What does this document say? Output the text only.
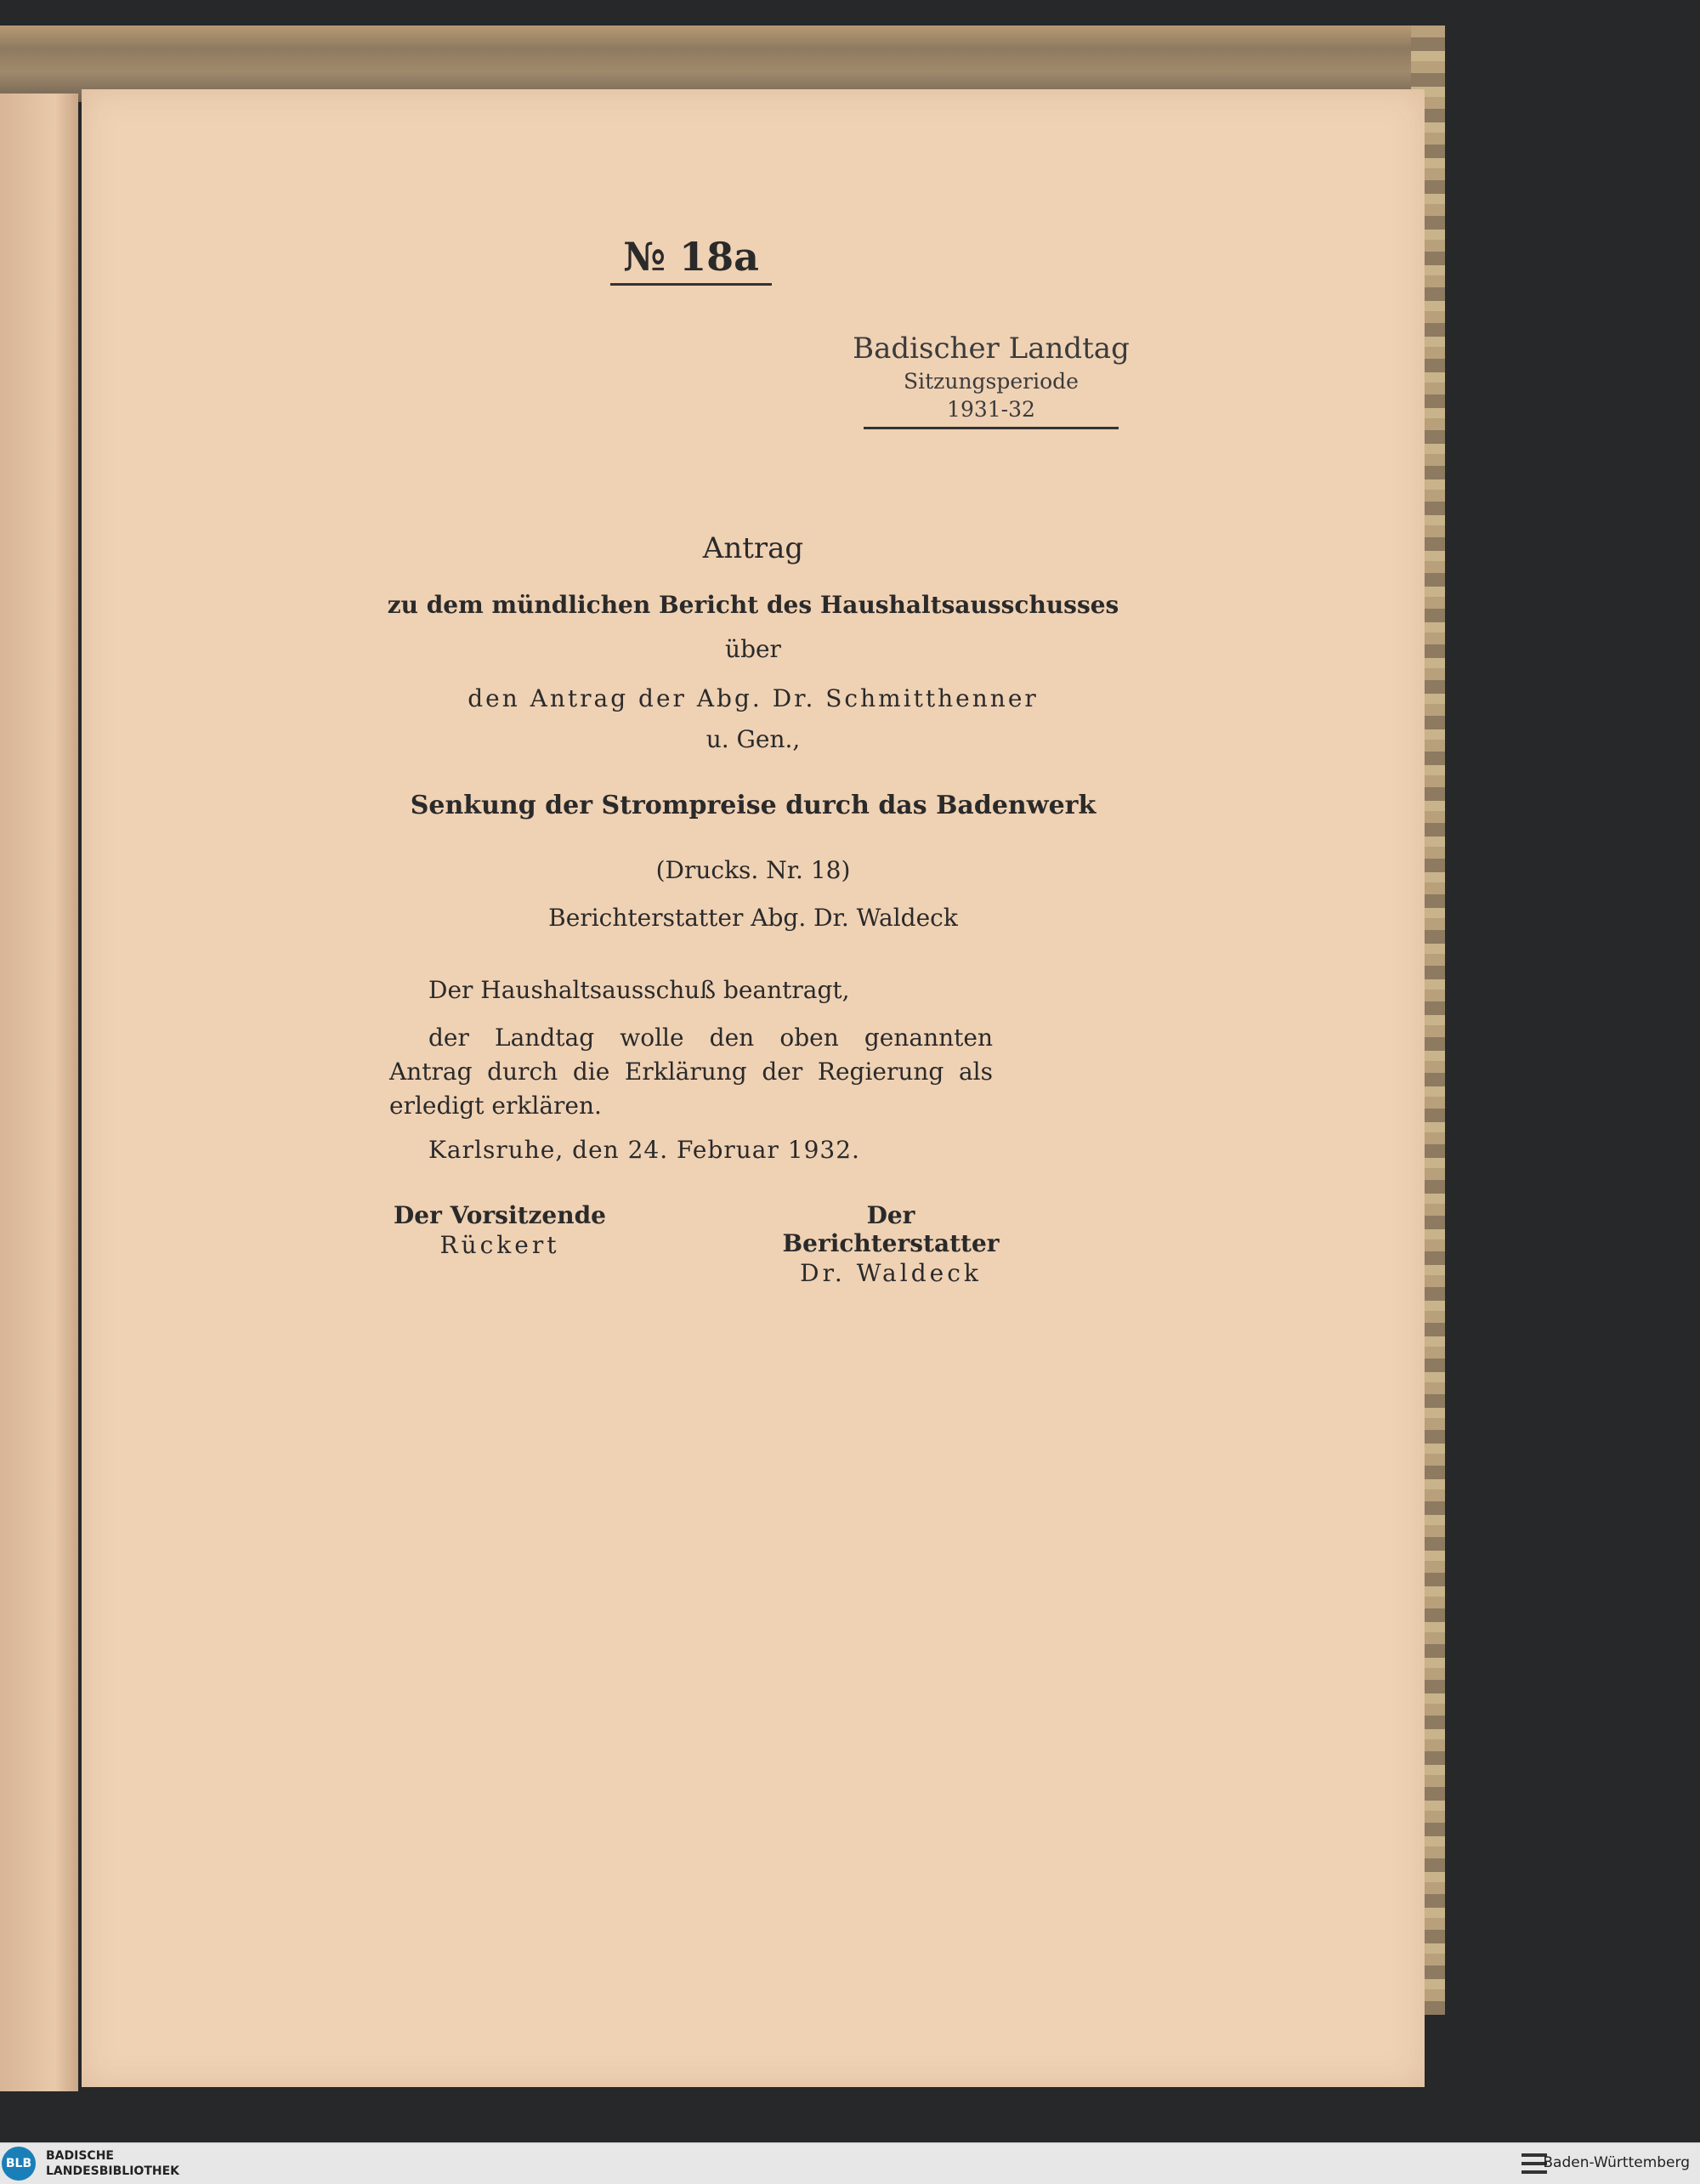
№ 18a
Badischer Landtag
Sitzungsperiode
1931-32
Antrag
zu dem mündlichen Bericht des Haushaltsausschusses
über
den Antrag der Abg. Dr. Schmitthenner
u. Gen.,
Senkung der Strompreise durch das Badenwerk
(Drucks. Nr. 18)
Berichterstatter Abg. Dr. Waldeck
Der Haushaltsausschuß beantragt,
der Landtag wolle den oben genannten Antrag durch die Erklärung der Regierung als erledigt erklären.
Karlsruhe, den 24. Februar 1932.
Der Vorsitzende
Rückert
Der Berichterstatter
Dr. Waldeck
BLB
BADISCHE
LANDESBIBLIOTHEK	Baden-Württemberg
